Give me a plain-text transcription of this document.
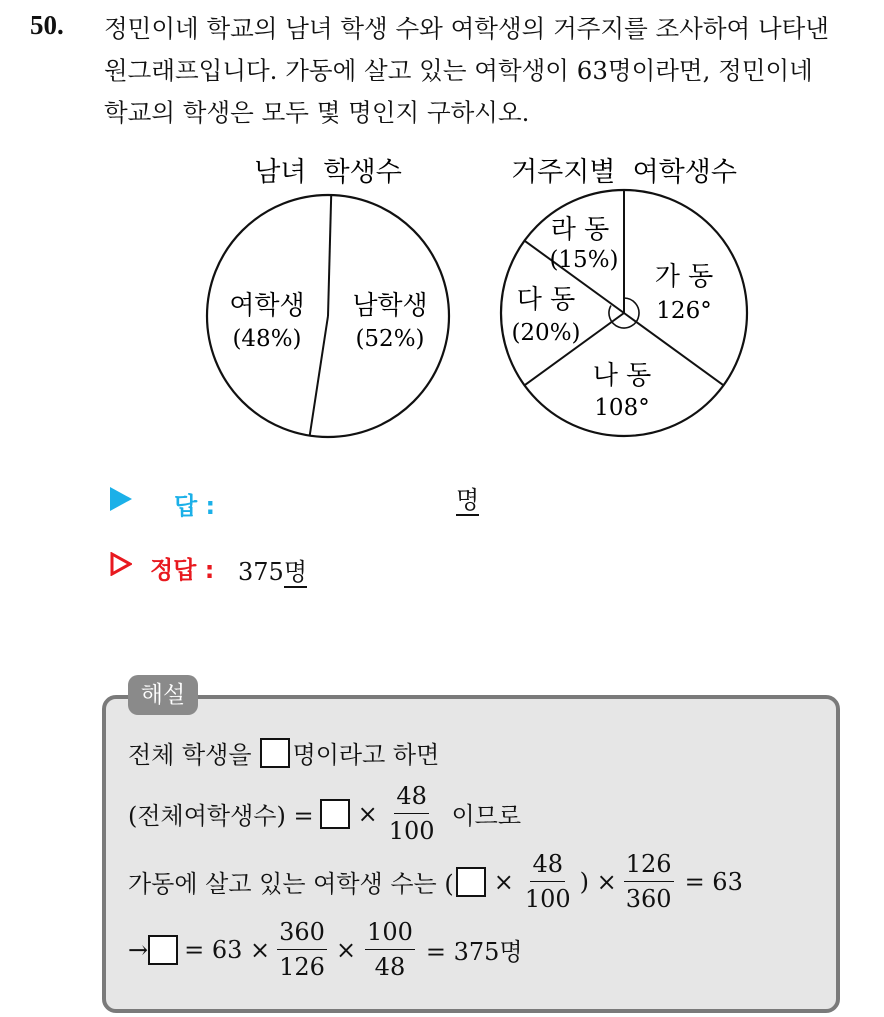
50. 정민이네 학교의 남녀 학생 수와 여학생의 거주지를 조사하여 나타낸
원그래프입니다. 가동에 살고 있는 여학생이 63명이라면, 정민이네
학교의 학생은 모두 몇 명인지 구하시오.
남녀  학생수
여학생
(48%)
남학생
(52%)
거주지별  여학생수
가 동
126°
나 동
108°
다 동
(20%)
라 동
(15%)
답 :	명
정답 : 375명
해설
전체 학생을 명이라고 하면
(전체여학생수) = × $\frac{48}{100}$ 이므로
가동에 살고 있는 여학생 수는 ( × $\frac{48}{100}$ ) × $\frac{126}{360} = 63$
→ = $63 \times \frac{360}{126} \times \frac{100}{48} = 375$명
